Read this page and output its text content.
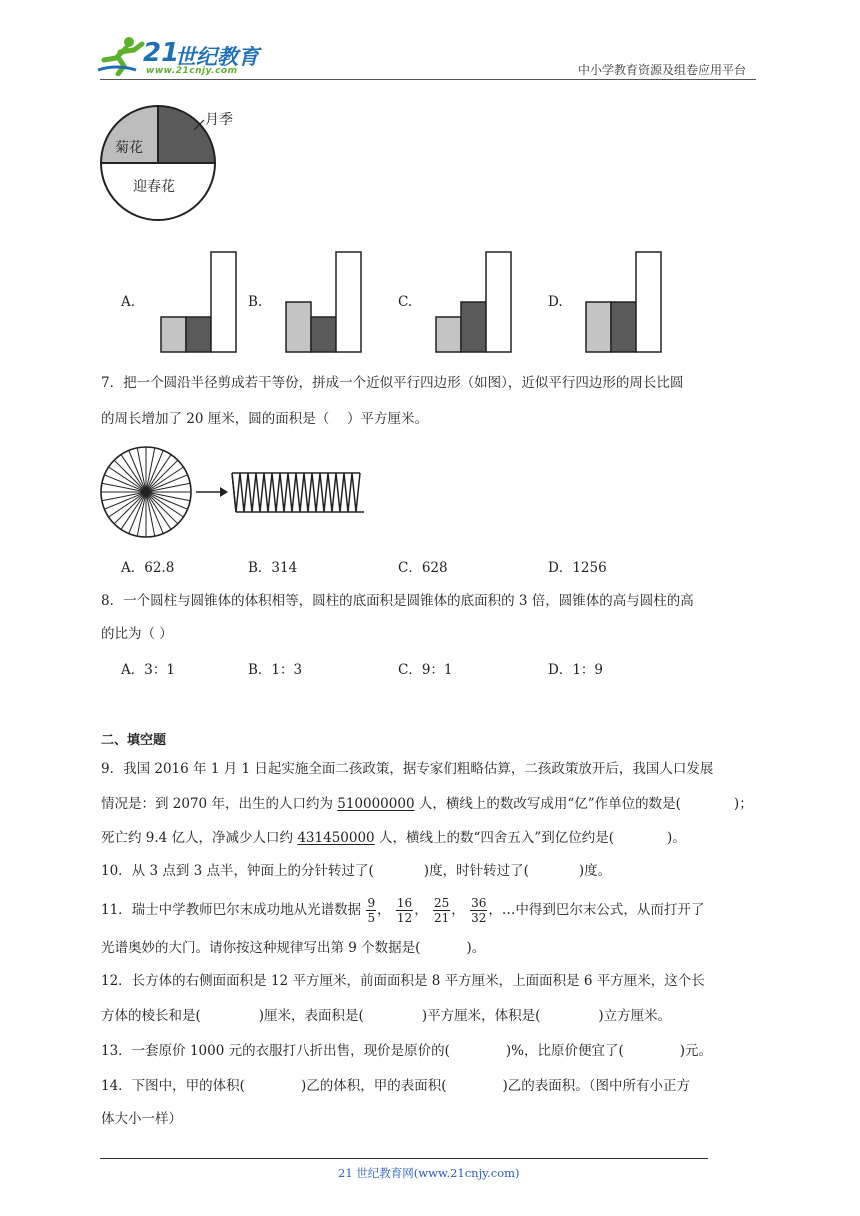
21
世纪教育
www.21cnjy.com	中小学教育资源及组卷应用平台
月季
菊花
迎春花
A.	B.	C.	D.
7．把一个圆沿半径剪成若干等份，拼成一个近似平行四边形（如图），近似平行四边形的周长比圆
的周长增加了 20 厘米，圆的面积是（　 ）平方厘米。
A．62.8	B．314	C．628	D．1256
8．一个圆柱与圆锥体的体积相等，圆柱的底面积是圆锥体的底面积的 3 倍，圆锥体的高与圆柱的高
的比为（ ）
A．3：1	B．1：3	C．9：1	D．1：9
二、填空题
9．我国 2016 年 1 月 1 日起实施全面二孩政策，据专家们粗略估算，二孩政策放开后，我国人口发展
情况是：到 2070 年，出生的人口约为 510000000 人，横线上的数改写成用“亿”作单位的数是(	)；
死亡约 9.4 亿人，净减少人口约 431450000 人，横线上的数“四舍五入”到亿位约是(	)。
10．从 3 点到 3 点半，钟面上的分针转过了(	)度，时针转过了(	)度。
11．瑞士中学教师巴尔末成功地从光谱数据 $\frac{9}{5}$ ， $\frac{16}{12}$ ， $\frac{25}{21}$ ， $\frac{36}{32}$ ，…中得到巴尔末公式，从而打开了
光谱奥妙的大门。请你按这种规律写出第 9 个数据是(	)。
12．长方体的右侧面面积是 12 平方厘米，前面面积是 8 平方厘米，上面面积是 6 平方厘米，这个长
方体的棱长和是(	)厘米，表面积是(	)平方厘米，体积是(	)立方厘米。
13．一套原价 1000 元的衣服打八折出售，现价是原价的(	)%，比原价便宜了(	)元。
14．下图中，甲的体积(	)乙的体积，甲的表面积(	)乙的表面积。（图中所有小正方
体大小一样）
21 世纪教育网(www.21cnjy.com)
